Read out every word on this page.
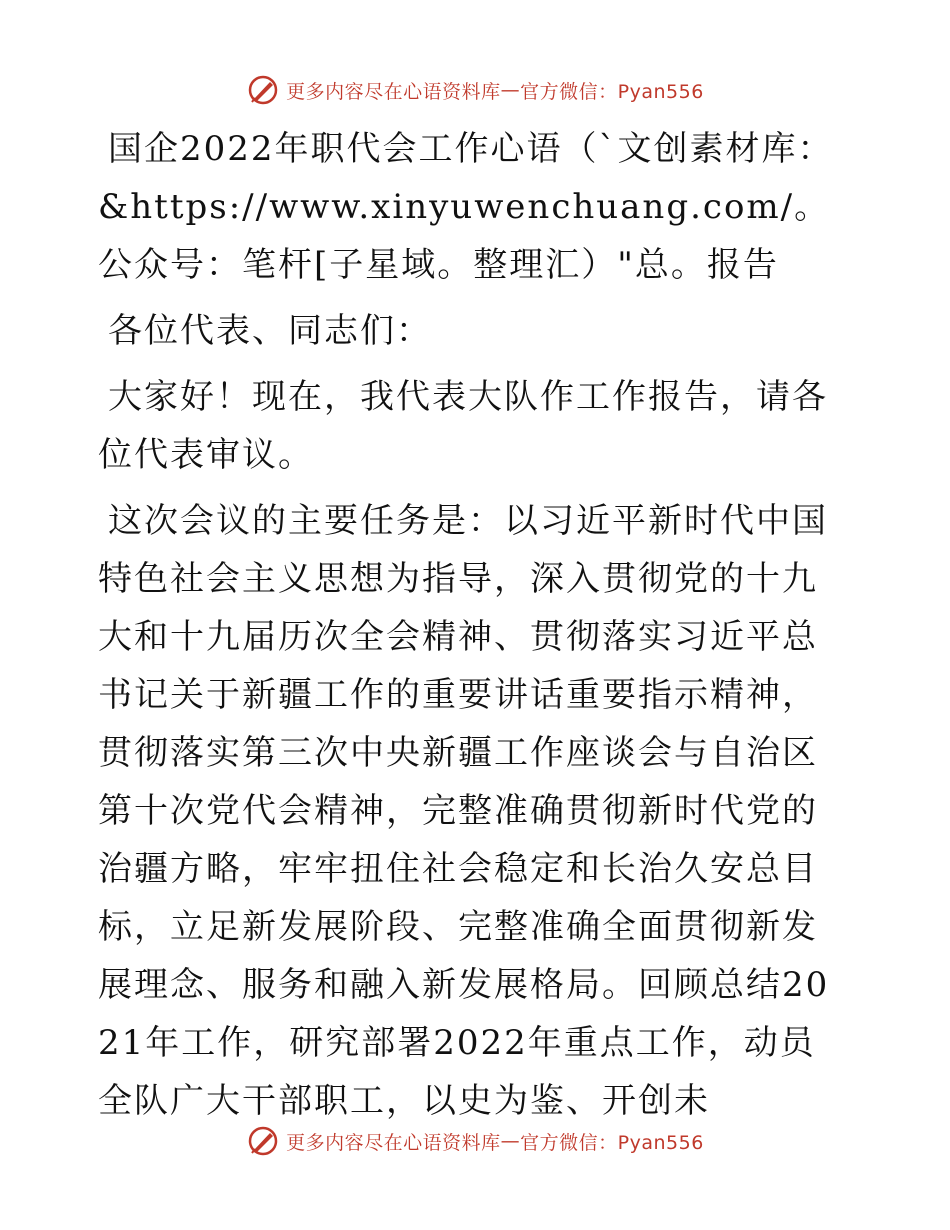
更多内容尽在心语资料库 — 官方微信：Pyan556

国企2022年职代会工作心语（`文创素材库：&https://www.xinyuwenchuang.com/。公众号：笔杆[子星域。整理汇）"总。报告

各位代表、同志们：

大家好！现在，我代表大队作工作报告，请各位代表审议。

这次会议的主要任务是：以习近平新时代中国特色社会主义思想为指导，深入贯彻党的十九大和十九届历次全会精神、贯彻落实习近平总书记关于新疆工作的重要讲话重要指示精神，贯彻落实第三次中央新疆工作座谈会与自治区第十次党代会精神，完整准确贯彻新时代党的治疆方略，牢牢扭住社会稳定和长治久安总目标，立足新发展阶段、完整准确全面贯彻新发展理念、服务和融入新发展格局。回顾总结2021年工作，研究部署2022年重点工作，动员全队广大干部职工，以史为鉴、开创未

更多内容尽在心语资料库 — 官方微信：Pyan556
